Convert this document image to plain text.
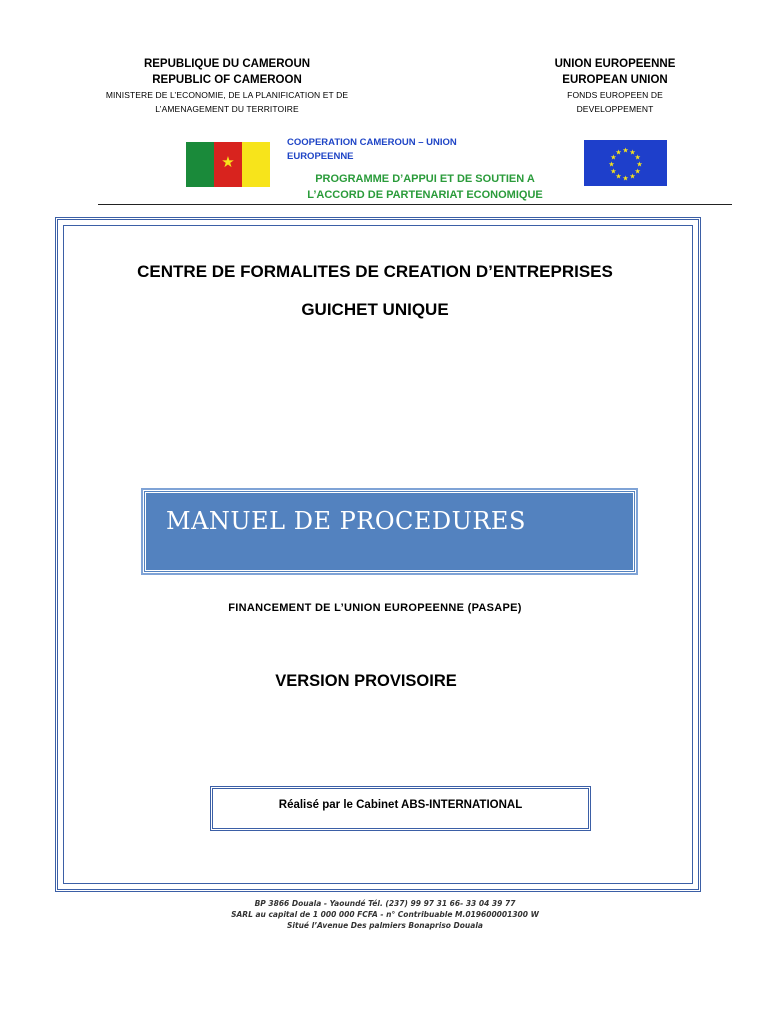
REPUBLIQUE DU CAMEROUN
REPUBLIC OF CAMEROON
MINISTERE DE L’ECONOMIE, DE LA PLANIFICATION ET DE
L’AMENAGEMENT DU TERRITOIRE
UNION EUROPEENNE
EUROPEAN UNION
FONDS EUROPEEN DE
DEVELOPPEMENT
★
COOPERATION CAMEROUN – UNION
EUROPEENNE
PROGRAMME D’APPUI ET DE SOUTIEN A
L’ACCORD DE PARTENARIAT ECONOMIQUE
★ ★
★
★
★
★
★
★
★
★
★
★
CENTRE DE FORMALITES DE CREATION D’ENTREPRISES
GUICHET UNIQUE
MANUEL DE PROCEDURES
FINANCEMENT DE L’UNION EUROPEENNE (PASAPE)
VERSION PROVISOIRE
Réalisé par le Cabinet ABS-INTERNATIONAL
BP 3866 Douala - Yaoundé Tél. (237) 99 97 31 66- 33 04 39 77
SARL au capital de 1 000 000 FCFA - n° Contribuable M.019600001300 W
Situé l’Avenue Des palmiers Bonapriso Douala
